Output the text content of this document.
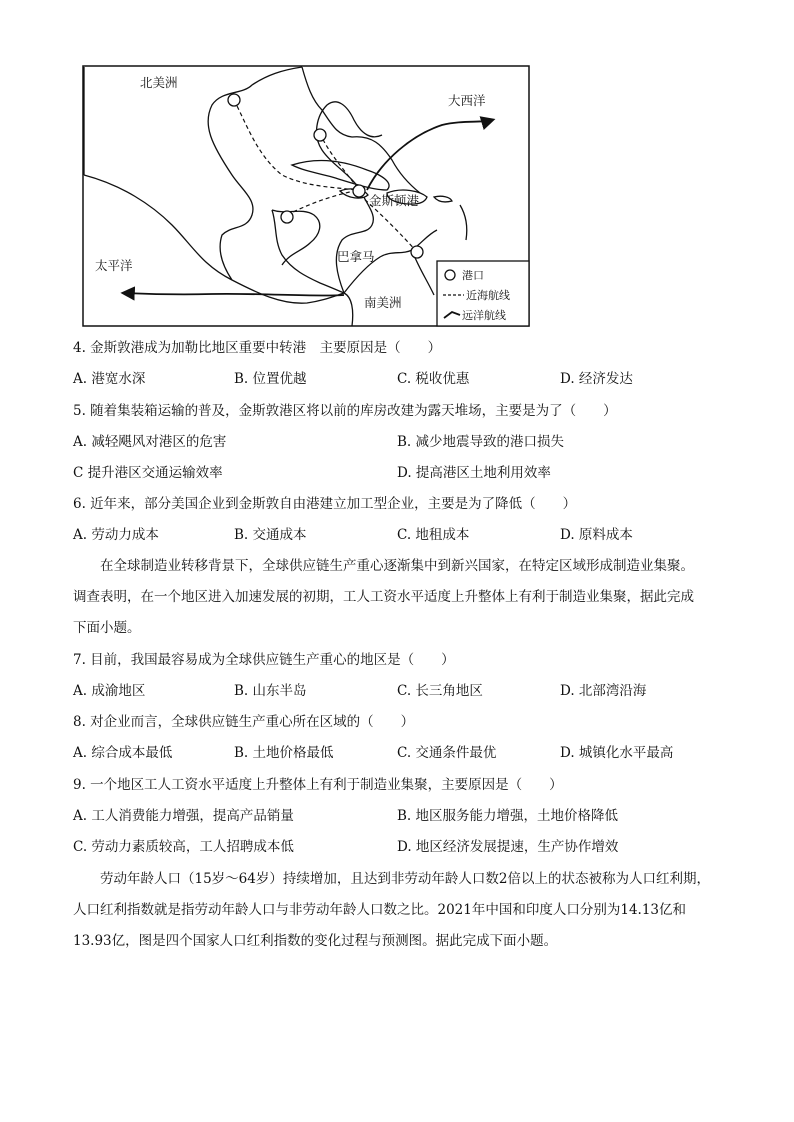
北美洲
大西洋
金斯顿港
太平洋
巴拿马
南美洲
港口
近海航线
远洋航线
4. 金斯敦港成为加勒比地区重要中转港　主要原因是（　　）
A. 港宽水深	B. 位置优越	C. 税收优惠	D. 经济发达
5. 随着集装箱运输的普及，金斯敦港区将以前的库房改建为露天堆场，主要是为了（　　）
A. 减轻飓风对港区的危害	B. 减少地震导致的港口损失
C 提升港区交通运输效率	D. 提高港区土地利用效率
6. 近年来，部分美国企业到金斯敦自由港建立加工型企业，主要是为了降低（　　）
A. 劳动力成本	B. 交通成本	C. 地租成本	D. 原料成本
在全球制造业转移背景下，全球供应链生产重心逐渐集中到新兴国家，在特定区域形成制造业集聚。
调查表明，在一个地区进入加速发展的初期，工人工资水平适度上升整体上有利于制造业集聚，据此完成
下面小题。
7. 目前，我国最容易成为全球供应链生产重心的地区是（　　）
A. 成渝地区	B. 山东半岛	C. 长三角地区	D. 北部湾沿海
8. 对企业而言，全球供应链生产重心所在区域的（　　）
A. 综合成本最低	B. 土地价格最低	C. 交通条件最优	D. 城镇化水平最高
9. 一个地区工人工资水平适度上升整体上有利于制造业集聚，主要原因是（　　）
A. 工人消费能力增强，提高产品销量	B. 地区服务能力增强，土地价格降低
C. 劳动力素质较高，工人招聘成本低	D. 地区经济发展提速，生产协作增效
劳动年龄人口（15岁～64岁）持续增加，且达到非劳动年龄人口数2倍以上的状态被称为人口红利期，
人口红利指数就是指劳动年龄人口与非劳动年龄人口数之比。2021年中国和印度人口分别为14.13亿和
13.93亿，图是四个国家人口红利指数的变化过程与预测图。据此完成下面小题。
